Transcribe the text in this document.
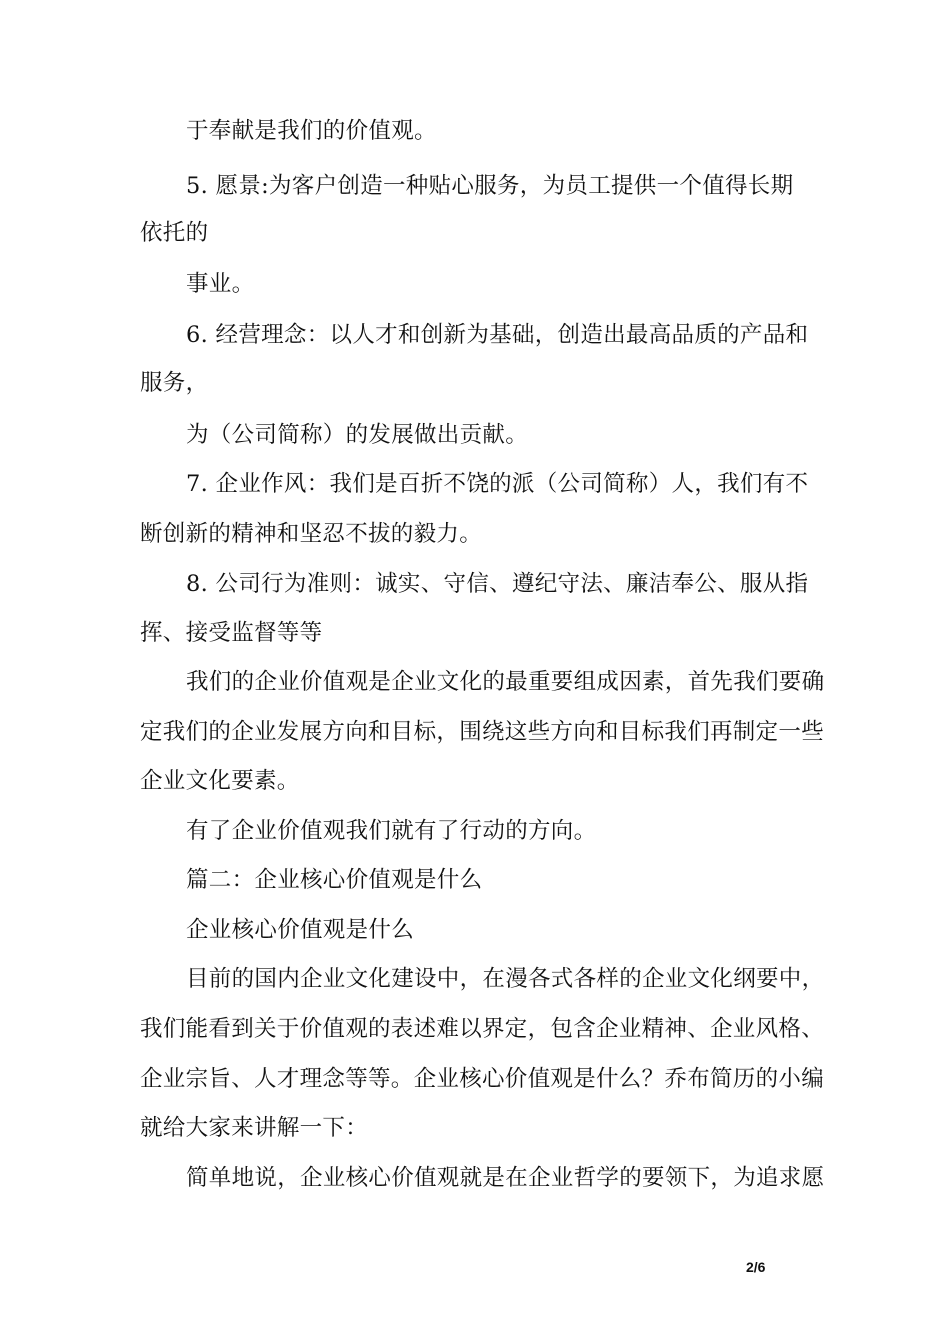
于奉献是我们的价值观。
5. 愿景:为客户创造一种贴心服务，为员工提供一个值得长期
依托的
事业。
6. 经营理念：以人才和创新为基础，创造出最高品质的产品和
服务，
为（公司简称）的发展做出贡献。
7. 企业作风：我们是百折不饶的派（公司简称）人，我们有不
断创新的精神和坚忍不拔的毅力。
8. 公司行为准则：诚实、守信、遵纪守法、廉洁奉公、服从指
挥、接受监督等等
我们的企业价值观是企业文化的最重要组成因素，首先我们要确
定我们的企业发展方向和目标，围绕这些方向和目标我们再制定一些
企业文化要素。
有了企业价值观我们就有了行动的方向。
篇二：企业核心价值观是什么
企业核心价值观是什么
目前的国内企业文化建设中，在漫各式各样的企业文化纲要中，
我们能看到关于价值观的表述难以界定，包含企业精神、企业风格、
企业宗旨、人才理念等等。企业核心价值观是什么？乔布简历的小编
就给大家来讲解一下：
简单地说，企业核心价值观就是在企业哲学的要领下，为追求愿
2/6
